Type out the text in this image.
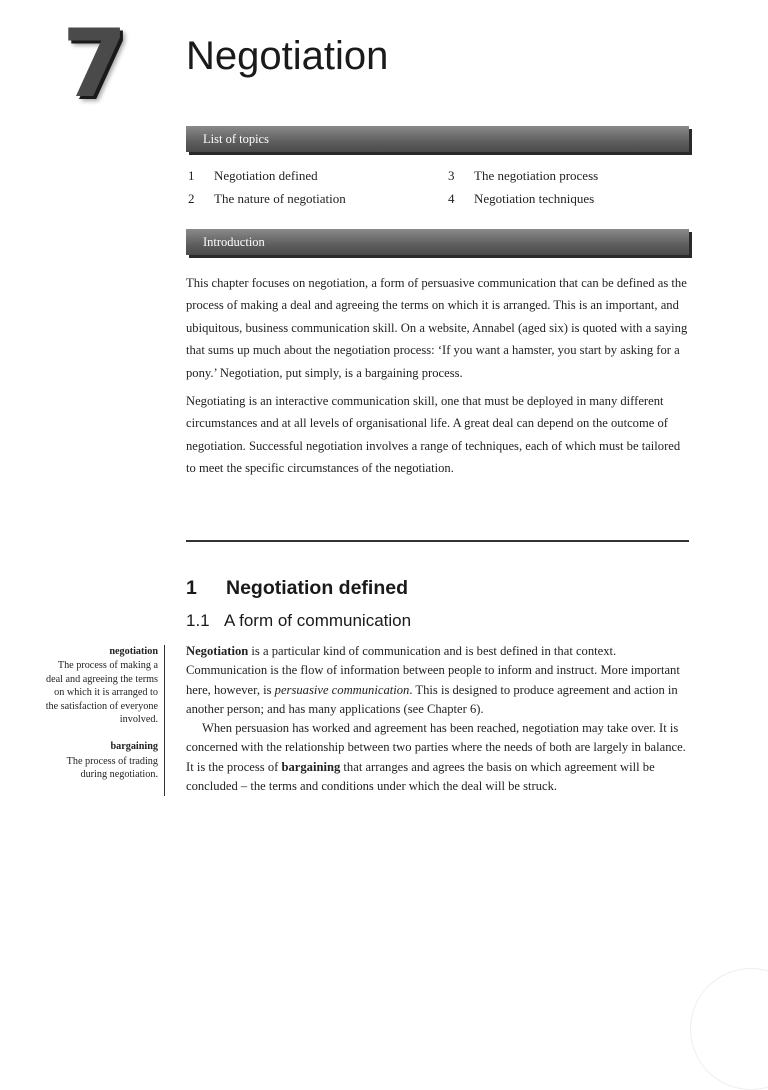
7 Negotiation
List of topics
1 Negotiation defined
2 The nature of negotiation
3 The negotiation process
4 Negotiation techniques
Introduction

This chapter focuses on negotiation, a form of persuasive communication that can be defined as the process of making a deal and agreeing the terms on which it is arranged. This is an important, and ubiquitous, business communication skill. On a website, Annabel (aged six) is quoted with a saying that sums up much about the negotiation process: ‘If you want a hamster, you start by asking for a pony.’ Negotiation, put simply, is a bargaining process.

Negotiating is an interactive communication skill, one that must be deployed in many different circumstances and at all levels of organisational life. A great deal can depend on the outcome of negotiation. Successful negotiation involves a range of techniques, each of which must be tailored to meet the specific circumstances of the negotiation.

1 Negotiation defined
1.1 A form of communication
negotiation
The process of making a deal and agreeing the terms on which it is arranged to the satisfaction of everyone involved.
bargaining
The process of trading during negotiation.

Negotiation is a particular kind of communication and is best defined in that context. Communication is the flow of information between people to inform and instruct. More important here, however, is persuasive communication. This is designed to produce agreement and action in another person; and has many applications (see Chapter 6).

When persuasion has worked and agreement has been reached, negotiation may take over. It is concerned with the relationship between two parties where the needs of both are largely in balance. It is the process of bargaining that arranges and agrees the basis on which agreement will be concluded – the terms and conditions under which the deal will be struck.
